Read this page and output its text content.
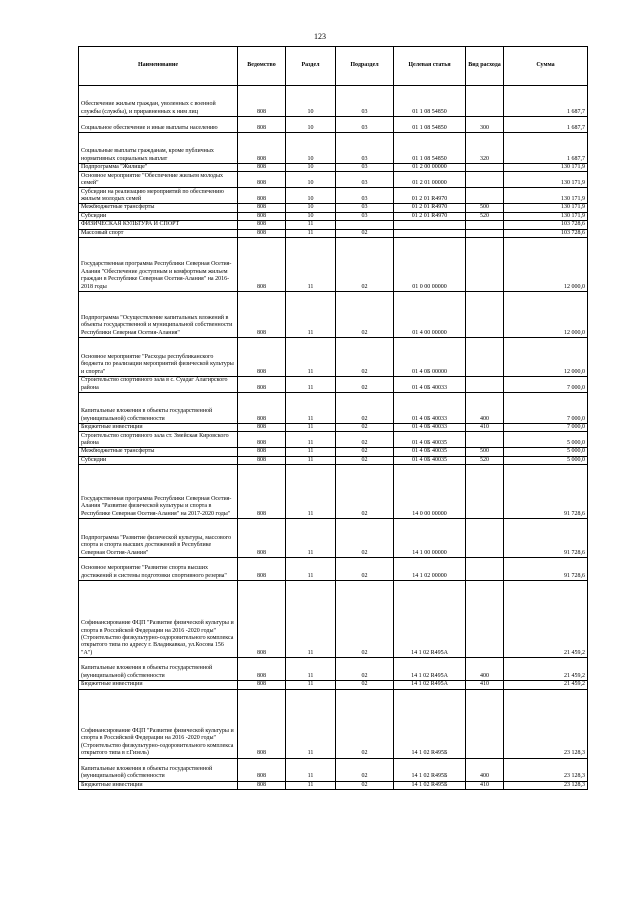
123
Наименование	Ведомство	Раздел	Подраздел	Целевая статья	Вид расхода	Сумма
Обеспечение жильем граждан, уволенных с военной службы (службы), и приравненных к ним лиц	808	10	03	01 1 08 54850		1 687,7
Социальное обеспечение и иные выплаты населению	808	10	03	01 1 08 54850	300	1 687,7
Социальные выплаты гражданам, кроме публичных нормативных социальных выплат	808	10	03	01 1 08 54850	320	1 687,7
Подпрограмма "Жилище"	808	10	03	01 2 00 00000		130 171,9
Основное мероприятие "Обеспечение жильем молодых семей"	808	10	03	01 2 01 00000		130 171,9
Субсидии на реализацию мероприятий по обеспечению жильем молодых семей	808	10	03	01 2 01 R4970		130 171,9
Межбюджетные трансферты	808	10	03	01 2 01 R4970	500	130 171,9
Субсидии	808	10	03	01 2 01 R4970	520	130 171,9
ФИЗИЧЕСКАЯ КУЛЬТУРА И СПОРТ	808	11				103 728,6
Массовый спорт	808	11	02			103 728,6
Государственная программа Республики Северная Осетия-Алания "Обеспечение доступным и комфортным жильем граждан в Республике Северная Осетия-Алания" на 2016-2018 годы	808	11	02	01 0 00 00000		12 000,0
Подпрограмма "Осуществление капитальных вложений в объекты государственной и муниципальной собственности Республики Северная Осетия-Алания"	808	11	02	01 4 00 00000		12 000,0
Основное мероприятие "Расходы республиканского бюджета по реализации мероприятий физической культуры и спорта"	808	11	02	01 4 0Б 00000		12 000,0
Строительство спортивного зала в с. Суадаг Алагирского района	808	11	02	01 4 0Б 40033		7 000,0
Капитальные вложения в объекты государственной (муниципальной) собственности	808	11	02	01 4 0Б 40033	400	7 000,0
Бюджетные инвестиции	808	11	02	01 4 0Б 40033	410	7 000,0
Строительство спортивного зала ст. Змейская Кировского района	808	11	02	01 4 0Б 40035		5 000,0
Межбюджетные трансферты	808	11	02	01 4 0Б 40035	500	5 000,0
Субсидии	808	11	02	01 4 0Б 40035	520	5 000,0
Государственная программа Республики Северная Осетия-Алания "Развитие физической культуры и спорта в Республике Северная Осетия-Алания" на 2017-2020 годы"	808	11	02	14 0 00 00000		91 728,6
Подпрограмма "Развитие физической культуры, массового спорта и спорта высших достижений в Республике Северная Осетия-Алания"	808	11	02	14 1 00 00000		91 728,6
Основное мероприятие "Развитие спорта высших достижений и системы подготовки спортивного резерва"	808	11	02	14 1 02 00000		91 728,6
Софинансирование ФЦП "Развитие физической культуры и спорта в Российской Федерации на 2016 -2020 годы" (Строительство физкультурно-оздоровительного комплекса открытого типа по адресу г. Владикавказ, ул.Косова 156 "А")	808	11	02	14 1 02 R495А		21 459,2
Капитальные вложения в объекты государственной (муниципальной) собственности	808	11	02	14 1 02 R495А	400	21 459,2
Бюджетные инвестиции	808	11	02	14 1 02 R495А	410	21 459,2
Софинансирование ФЦП "Развитие физической культуры и спорта в Российской Федерации на 2016 -2020 годы" (Строительство физкультурно-оздоровительного комплекса открытого типа в г.Гизель)	808	11	02	14 1 02 R495Б		23 128,3
Капитальные вложения в объекты государственной (муниципальной) собственности	808	11	02	14 1 02 R495Б	400	23 128,3
Бюджетные инвестиции	808	11	02	14 1 02 R495Б	410	23 128,3
